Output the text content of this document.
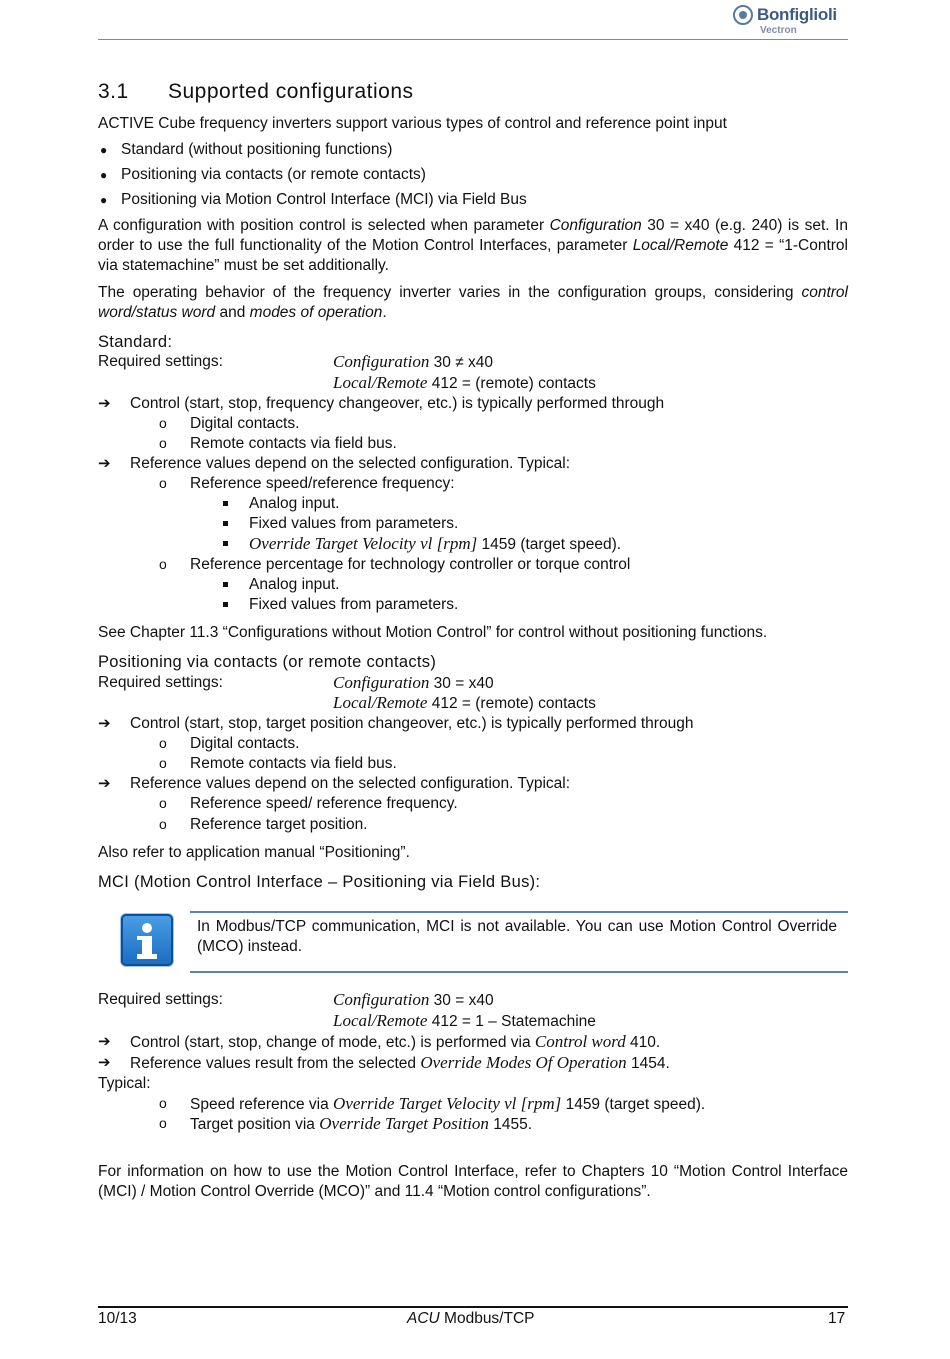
Bonfiglioli
Vectron
3.1 Supported configurations
ACTIVE Cube frequency inverters support various types of control and reference point input
● Standard (without positioning functions)
● Positioning via contacts (or remote contacts)
● Positioning via Motion Control Interface (MCI) via Field Bus
A configuration with position control is selected when parameter Configuration 30 = x40 (e.g. 240) is set. In order to use the full functionality of the Motion Control Interfaces, parameter Local/Remote 412 = “1-Control via statemachine” must be set additionally.
The operating behavior of the frequency inverter varies in the configuration groups, considering control word/status word and modes of operation.
Standard:
Required settings:	Configuration 30 ≠ x40
Local/Remote 412 = (remote) contacts
➔ Control (start, stop, frequency changeover, etc.) is typically performed through
o Digital contacts.
o Remote contacts via field bus.
➔ Reference values depend on the selected configuration. Typical:
o Reference speed/reference frequency:
Analog input.
Fixed values from parameters.
Override Target Velocity vl [rpm] 1459 (target speed).
o Reference percentage for technology controller or torque control
Analog input.
Fixed values from parameters.
See Chapter 11.3 “Configurations without Motion Control” for control without positioning functions.
Positioning via contacts (or remote contacts)
Required settings:	Configuration 30 = x40
Local/Remote 412 = (remote) contacts
➔ Control (start, stop, target position changeover, etc.) is typically performed through
o Digital contacts.
o Remote contacts via field bus.
➔ Reference values depend on the selected configuration. Typical:
o Reference speed/ reference frequency.
o Reference target position.
Also refer to application manual “Positioning”.
MCI (Motion Control Interface – Positioning via Field Bus):
In Modbus/TCP communication, MCI is not available. You can use Motion Control Override (MCO) instead.
Required settings:	Configuration 30 = x40
Local/Remote 412 = 1 – Statemachine
➔ Control (start, stop, change of mode, etc.) is performed via Control word 410.
➔ Reference values result from the selected Override Modes Of Operation 1454.
Typical:
o Speed reference via Override Target Velocity vl [rpm] 1459 (target speed).
o Target position via Override Target Position 1455.
For information on how to use the Motion Control Interface, refer to Chapters 10 “Motion Control Interface (MCI) / Motion Control Override (MCO)” and 11.4 “Motion control configurations”.
10/13	ACU Modbus/TCP	17
